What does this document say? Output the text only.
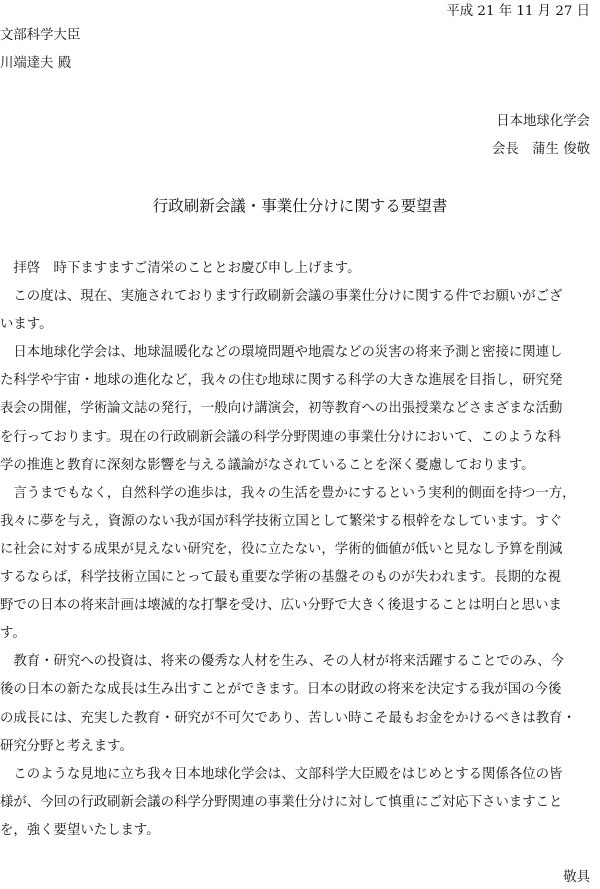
平成 21 年 11 月 27 日
文部科学大臣
川端達夫 殿
日本地球化学会
会長　蒲生 俊敬
行政刷新会議・事業仕分けに関する要望書
　拝啓　時下ますますご清栄のこととお慶び申し上げます。
　この度は、現在、実施されております行政刷新会議の事業仕分けに関する件でお願いがござ
います。
　日本地球化学会は、地球温暖化などの環境問題や地震などの災害の将来予測と密接に関連し
た科学や宇宙・地球の進化など，我々の住む地球に関する科学の大きな進展を目指し，研究発
表会の開催，学術論文誌の発行，一般向け講演会，初等教育への出張授業などさまざまな活動
を行っております。現在の行政刷新会議の科学分野関連の事業仕分けにおいて、このような科
学の推進と教育に深刻な影響を与える議論がなされていることを深く憂慮しております。
　言うまでもなく，自然科学の進歩は，我々の生活を豊かにするという実利的側面を持つ一方，
我々に夢を与え，資源のない我が国が科学技術立国として繁栄する根幹をなしています。すぐ
に社会に対する成果が見えない研究を，役に立たない，学術的価値が低いと見なし予算を削減
するならば，科学技術立国にとって最も重要な学術の基盤そのものが失われます。長期的な視
野での日本の将来計画は壊滅的な打撃を受け、広い分野で大きく後退することは明白と思いま
す。
　教育・研究への投資は、将来の優秀な人材を生み、その人材が将来活躍することでのみ、今
後の日本の新たな成長は生み出すことができます。日本の財政の将来を決定する我が国の今後
の成長には、充実した教育・研究が不可欠であり、苦しい時こそ最もお金をかけるべきは教育・
研究分野と考えます。
　このような見地に立ち我々日本地球化学会は、文部科学大臣殿をはじめとする関係各位の皆
様が、今回の行政刷新会議の科学分野関連の事業仕分けに対して慎重にご対応下さいますこと
を，強く要望いたします。
敬具
